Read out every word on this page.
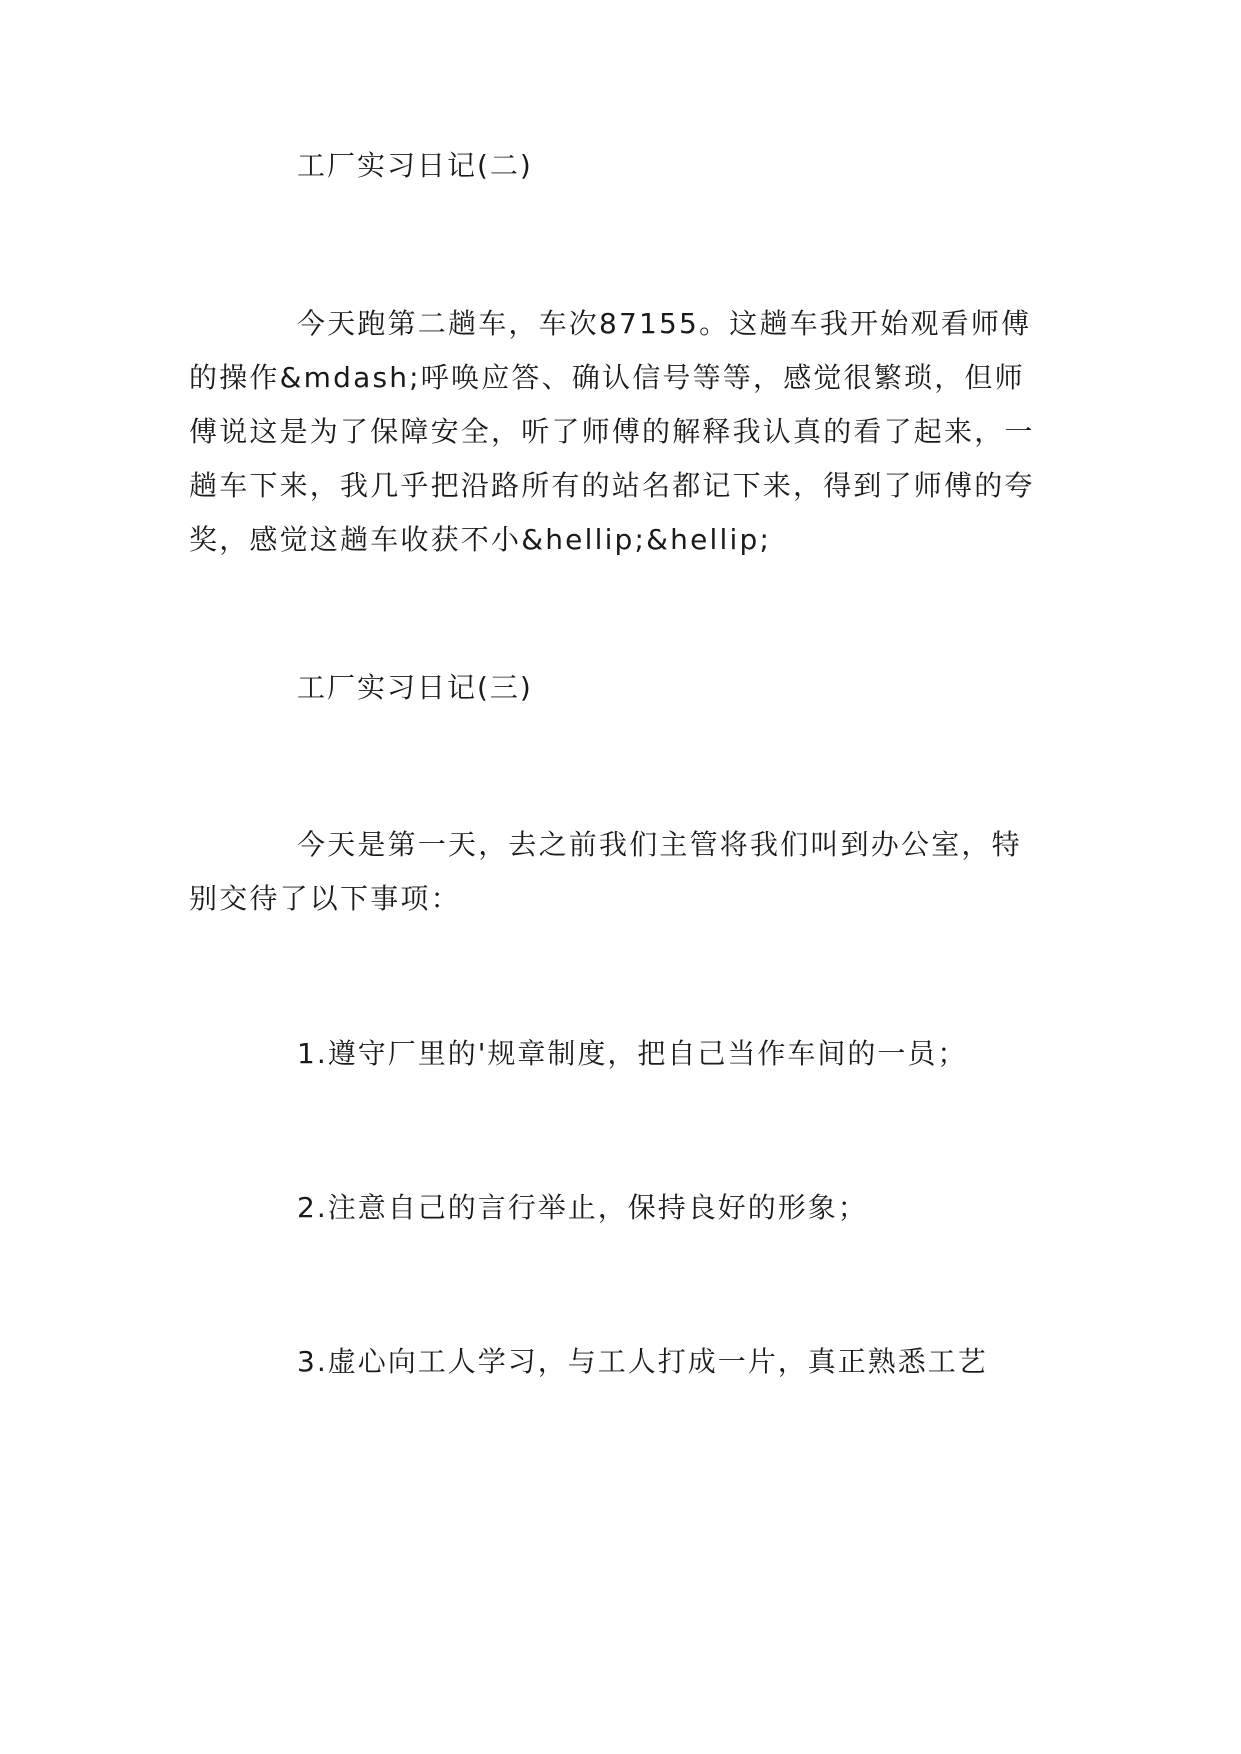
工厂实习日记(二)

今天跑第二趟车，车次87155。这趟车我开始观看师傅的操作&mdash;呼唤应答、确认信号等等，感觉很繁琐，但师傅说这是为了保障安全，听了师傅的解释我认真的看了起来，一趟车下来，我几乎把沿路所有的站名都记下来，得到了师傅的夸奖，感觉这趟车收获不小&hellip;&hellip;

工厂实习日记(三)

今天是第一天，去之前我们主管将我们叫到办公室，特别交待了以下事项：

1.遵守厂里的'规章制度，把自己当作车间的一员；

2.注意自己的言行举止，保持良好的形象；

3.虚心向工人学习，与工人打成一片，真正熟悉工艺
